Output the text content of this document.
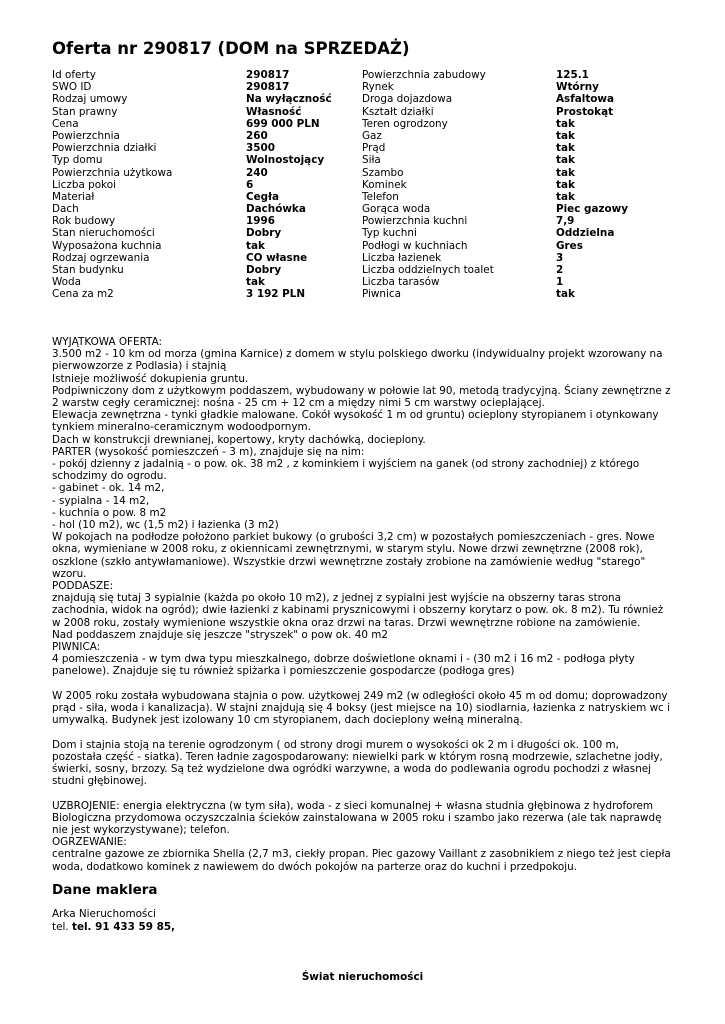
Oferta nr 290817 (DOM na SPRZEDAŻ)
Id oferty	290817	Powierzchnia zabudowy	125.1
SWO ID	290817	Rynek	Wtórny
Rodzaj umowy	Na wyłączność	Droga dojazdowa	Asfaltowa
Stan prawny	Własność	Kształt działki	Prostokąt
Cena	699 000 PLN	Teren ogrodzony	tak
Powierzchnia	260	Gaz	tak
Powierzchnia działki	3500	Prąd	tak
Typ domu	Wolnostojący	Siła	tak
Powierzchnia użytkowa	240	Szambo	tak
Liczba pokoi	6	Kominek	tak
Materiał	Cegła	Telefon	tak
Dach	Dachówka	Gorąca woda	Piec gazowy
Rok budowy	1996	Powierzchnia kuchni	7,9
Stan nieruchomości	Dobry	Typ kuchni	Oddzielna
Wyposażona kuchnia	tak	Podłogi w kuchniach	Gres
Rodzaj ogrzewania	CO własne	Liczba łazienek	3
Stan budynku	Dobry	Liczba oddzielnych toalet	2
Woda	tak	Liczba tarasów	1
Cena za m2	3 192 PLN	Piwnica	tak

WYJĄTKOWA OFERTA:

3.500 m2 - 10 km od morza (gmina Karnice) z domem w stylu polskiego dworku (indywidualny projekt wzorowany na pierwowzorze z Podlasia) i stajnią

Istnieje możliwość dokupienia gruntu.

Podpiwniczony dom z użytkowym poddaszem, wybudowany w połowie lat 90, metodą tradycyjną. Ściany zewnętrzne z 2 warstw cegły ceramicznej: nośna - 25 cm + 12 cm a między nimi 5 cm warstwy ocieplającej.

Elewacja zewnętrzna - tynki gładkie malowane. Cokół wysokość 1 m od gruntu) ocieplony styropianem i otynkowany tynkiem mineralno-ceramicznym wodoodpornym.

Dach w konstrukcji drewnianej, kopertowy, kryty dachówką, docieplony.

PARTER (wysokość pomieszczeń - 3 m), znajduje się na nim:

- pokój dzienny z jadalnią - o pow. ok. 38 m2 , z kominkiem i wyjściem na ganek (od strony zachodniej) z którego schodzimy do ogrodu.

- gabinet - ok. 14 m2,

- sypialna - 14 m2,

- kuchnia o pow. 8 m2

- hol (10 m2), wc (1,5 m2) i łazienka (3 m2)

W pokojach na podłodze położono parkiet bukowy (o grubości 3,2 cm) w pozostałych pomieszczeniach - gres. Nowe okna, wymieniane w 2008 roku, z okiennicami zewnętrznymi, w starym stylu. Nowe drzwi zewnętrzne (2008 rok), oszklone (szkło antywłamaniowe). Wszystkie drzwi wewnętrzne zostały zrobione na zamówienie według "starego" wzoru.

PODDASZE:

znajdują się tutaj 3 sypialnie (każda po około 10 m2), z jednej z sypialni jest wyjście na obszerny taras strona zachodnia, widok na ogród); dwie łazienki z kabinami prysznicowymi i obszerny korytarz o pow. ok. 8 m2). Tu również w 2008 roku, zostały wymienione wszystkie okna oraz drzwi na taras. Drzwi wewnętrzne robione na zamówienie.

Nad poddaszem znajduje się jeszcze "stryszek" o pow ok. 40 m2

PIWNICA:

4 pomieszczenia - w tym dwa typu mieszkalnego, dobrze doświetlone oknami i - (30 m2 i 16 m2 - podłoga płyty panelowe). Znajduje się tu również spiżarka i pomieszczenie gospodarcze (podłoga gres)

W 2005 roku została wybudowana stajnia o pow. użytkowej 249 m2 (w odległości około 45 m od domu; doprowadzony prąd - siła, woda i kanalizacja). W stajni znajdują się 4 boksy (jest miejsce na 10) siodlarnia, łazienka z natryskiem wc i umywalką. Budynek jest izolowany 10 cm styropianem, dach docieplony wełną mineralną.

Dom i stajnia stoją na terenie ogrodzonym ( od strony drogi murem o wysokości ok 2 m i długości ok. 100 m, pozostała część - siatka). Teren ładnie zagospodarowany: niewielki park w którym rosną modrzewie, szlachetne jodły, świerki, sosny, brzozy. Są też wydzielone dwa ogródki warzywne, a woda do podlewania ogrodu pochodzi z własnej studni głębinowej.

UZBROJENIE: energia elektryczna (w tym siła), woda - z sieci komunalnej + własna studnia głębinowa z hydroforem Biologiczna przydomowa oczyszczalnia ścieków zainstalowana w 2005 roku i szambo jako rezerwa (ale tak naprawdę nie jest wykorzystywane); telefon.

OGRZEWANIE:

centralne gazowe ze zbiornika Shella (2,7 m3, ciekły propan. Piec gazowy Vaillant z zasobnikiem z niego też jest ciepła woda, dodatkowo kominek z nawiewem do dwóch pokojów na parterze oraz do kuchni i przedpokoju.

Dane maklera
Arka Nieruchomości
tel. tel. 91 433 59 85,
Świat nieruchomości
